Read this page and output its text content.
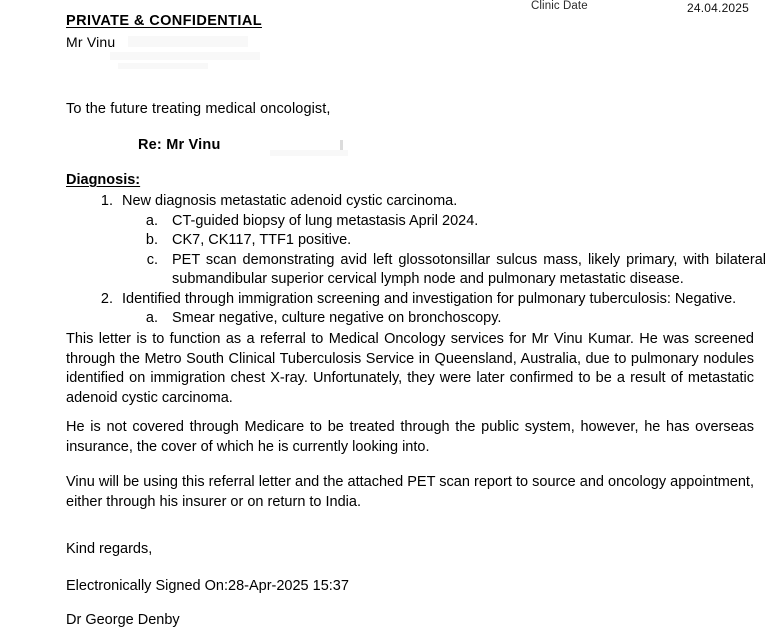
Clinic Date	24.04.2025
PRIVATE & CONFIDENTIAL
Mr Vinu
To the future treating medical oncologist,
Re: Mr Vinu
Diagnosis:
1. New diagnosis metastatic adenoid cystic carcinoma.
a. CT-guided biopsy of lung metastasis April 2024.
b. CK7, CK117, TTF1 positive.
c. PET scan demonstrating avid left glossotonsillar sulcus mass, likely primary, with bilateral submandibular superior cervical lymph node and pulmonary metastatic disease.
2. Identified through immigration screening and investigation for pulmonary tuberculosis: Negative.
a. Smear negative, culture negative on bronchoscopy.
This letter is to function as a referral to Medical Oncology services for Mr Vinu Kumar. He was screened through the Metro South Clinical Tuberculosis Service in Queensland, Australia, due to pulmonary nodules identified on immigration chest X-ray. Unfortunately, they were later confirmed to be a result of metastatic adenoid cystic carcinoma.
He is not covered through Medicare to be treated through the public system, however, he has overseas insurance, the cover of which he is currently looking into.
Vinu will be using this referral letter and the attached PET scan report to source and oncology appointment, either through his insurer or on return to India.
Kind regards,
Electronically Signed On:28-Apr-2025 15:37
Dr George Denby
